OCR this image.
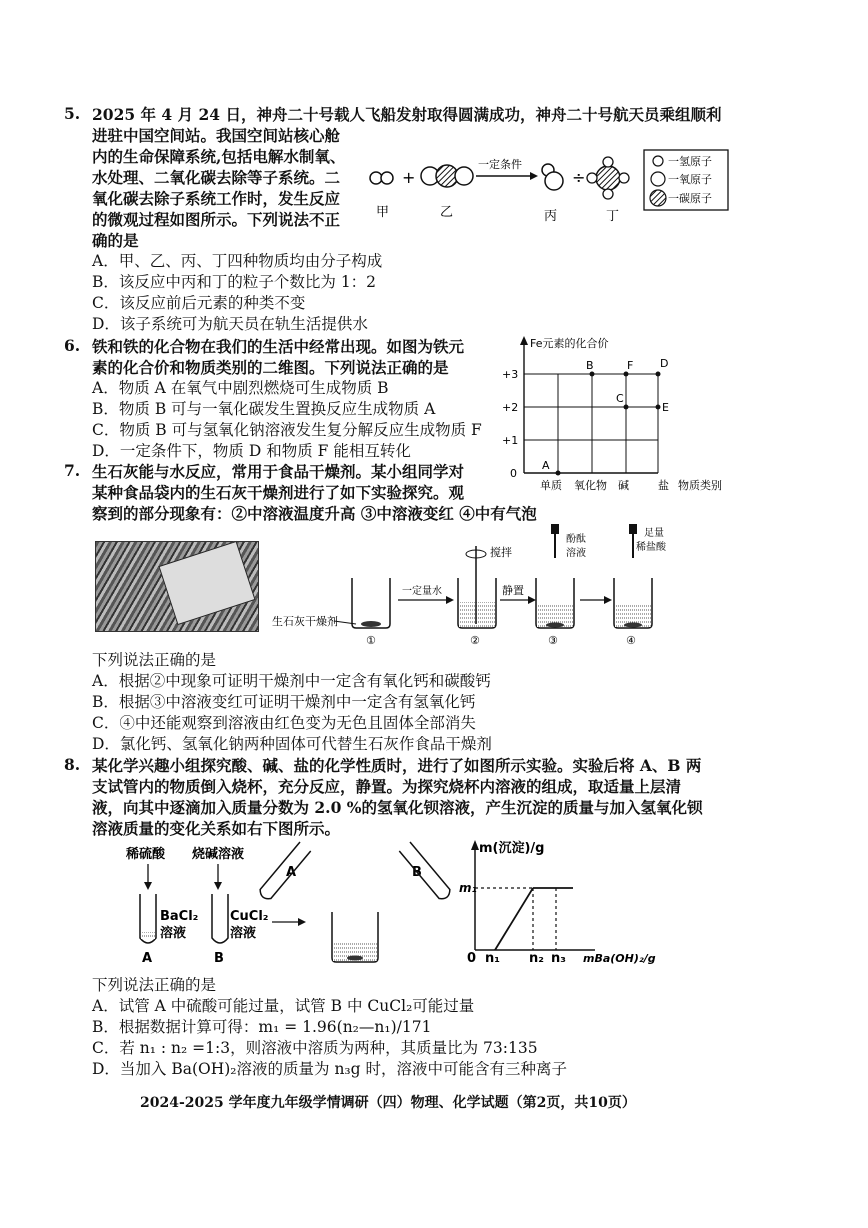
5. 2025 年 4 月 24 日，神舟二十号载人飞船发射取得圆满成功，神舟二十号航天员乘组顺利
进驻中国空间站。我国空间站核心舱
内的生命保障系统,包括电解水制氧、
水处理、二氧化碳去除等子系统。二
氧化碳去除子系统工作时，发生反应
的微观过程如图所示。下列说法不正
确的是
A．甲、乙、丙、丁四种物质均由分子构成
B．该反应中丙和丁的粒子个数比为 1：2
C．该反应前后元素的种类不变
D．该子系统可为航天员在轨生活提供水
+
一定条件
÷
甲	乙	丙	丁
一氢原子
一氧原子
一碳原子
6. 铁和铁的化合物在我们的生活中经常出现。如图为铁元
素的化合价和物质类别的二维图。下列说法正确的是
A．物质 A 在氧气中剧烈燃烧可生成物质 B
B．物质 B 可与一氧化碳发生置换反应生成物质 A
C．物质 B 可与氢氧化钠溶液发生复分解反应生成物质 F
D．一定条件下，物质 D 和物质 F 能相互转化
Fe元素的化合价
+3
+2
+1
0
单质 氧化物 碱	盐 物质类别
A
B	F D
C
E
7. 生石灰能与水反应，常用于食品干燥剂。某小组同学对
某种食品袋内的生石灰干燥剂进行了如下实验探究。观
察到的部分现象有：②中溶液温度升高 ③中溶液变红 ④中有气泡
生石灰干燥剂
①
一定量水
搅拌
②
静置
酚酞
溶液
③
足量
稀盐酸
④
下列说法正确的是
A．根据②中现象可证明干燥剂中一定含有氧化钙和碳酸钙
B．根据③中溶液变红可证明干燥剂中一定含有氢氧化钙
C．④中还能观察到溶液由红色变为无色且固体全部消失
D．氯化钙、氢氧化钠两种固体可代替生石灰作食品干燥剂
8. 某化学兴趣小组探究酸、碱、盐的化学性质时，进行了如图所示实验。实验后将 A、B 两
支试管内的物质倒入烧杯，充分反应，静置。为探究烧杯内溶液的组成，取适量上层清
液，向其中逐滴加入质量分数为 2.0 %的氢氧化钡溶液，产生沉淀的质量与加入氢氧化钡
溶液质量的变化关系如右下图所示。
稀硫酸 烧碱溶液
BaCl₂
溶液
A
CuCl₂
溶液
B
A	B
m(沉淀)/g
0
m₁
n₁ n₂ n₃ mBa(OH)₂/g
下列说法正确的是
A．试管 A 中硫酸可能过量，试管 B 中 CuCl₂可能过量
B．根据数据计算可得：m₁ = 1.96(n₂—n₁)/171
C．若 n₁ : n₂ =1:3，则溶液中溶质为两种，其质量比为 73:135
D．当加入 Ba(OH)₂溶液的质量为 n₃g 时，溶液中可能含有三种离子
2024-2025 学年度九年级学情调研（四）物理、化学试题（第2页，共10页）
